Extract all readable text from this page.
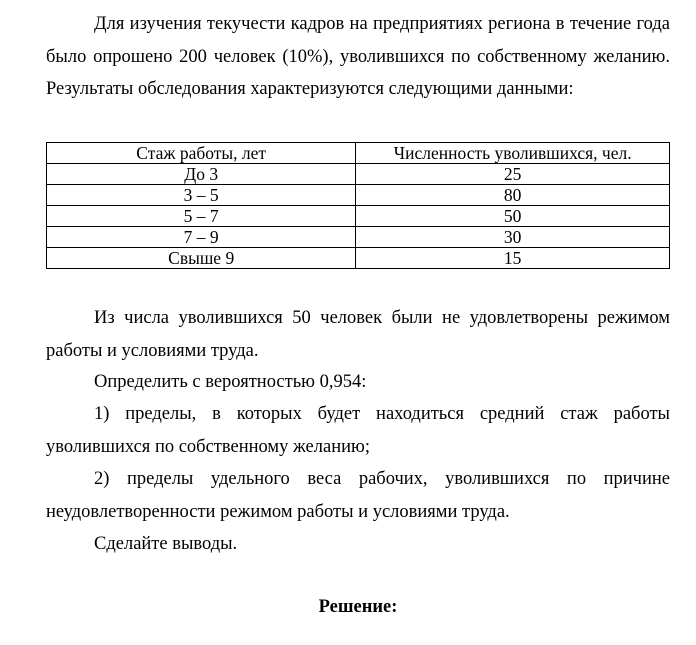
Для изучения текучести кадров на предприятиях региона в течение года
было опрошено 200 человек (10%), уволившихся по собственному желанию.
Результаты обследования характеризуются следующими данными:
Стаж работы, лет	Численность уволившихся, чел.
До 3	25
3 – 5	80
5 – 7	50
7 – 9	30
Свыше 9	15
Из числа уволившихся 50 человек были не удовлетворены режимом
работы и условиями труда.
Определить с вероятностью 0,954:
1) пределы, в которых будет находиться средний стаж работы
уволившихся по собственному желанию;
2) пределы удельного веса рабочих, уволившихся по причине
неудовлетворенности режимом работы и условиями труда.
Сделайте выводы.

Решение:
